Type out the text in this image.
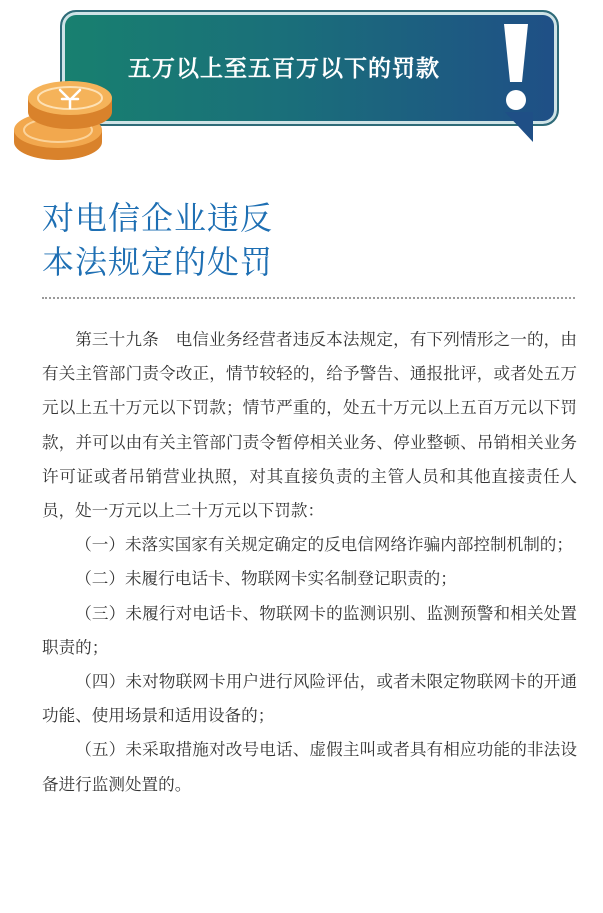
五万以上至五百万以下的罚款
对电信企业违反
本法规定的处罚

第三十九条　电信业务经营者违反本法规定，有下列情形之一的，由有关主管部门责令改正，情节较轻的，给予警告、通报批评，或者处五万元以上五十万元以下罚款；情节严重的，处五十万元以上五百万元以下罚款，并可以由有关主管部门责令暂停相关业务、停业整顿、吊销相关业务许可证或者吊销营业执照，对其直接负责的主管人员和其他直接责任人员，处一万元以上二十万元以下罚款：

（一）未落实国家有关规定确定的反电信网络诈骗内部控制机制的；

（二）未履行电话卡、物联网卡实名制登记职责的；

（三）未履行对电话卡、物联网卡的监测识别、监测预警和相关处置职责的；

（四）未对物联网卡用户进行风险评估，或者未限定物联网卡的开通功能、使用场景和适用设备的；

（五）未采取措施对改号电话、虚假主叫或者具有相应功能的非法设备进行监测处置的。
